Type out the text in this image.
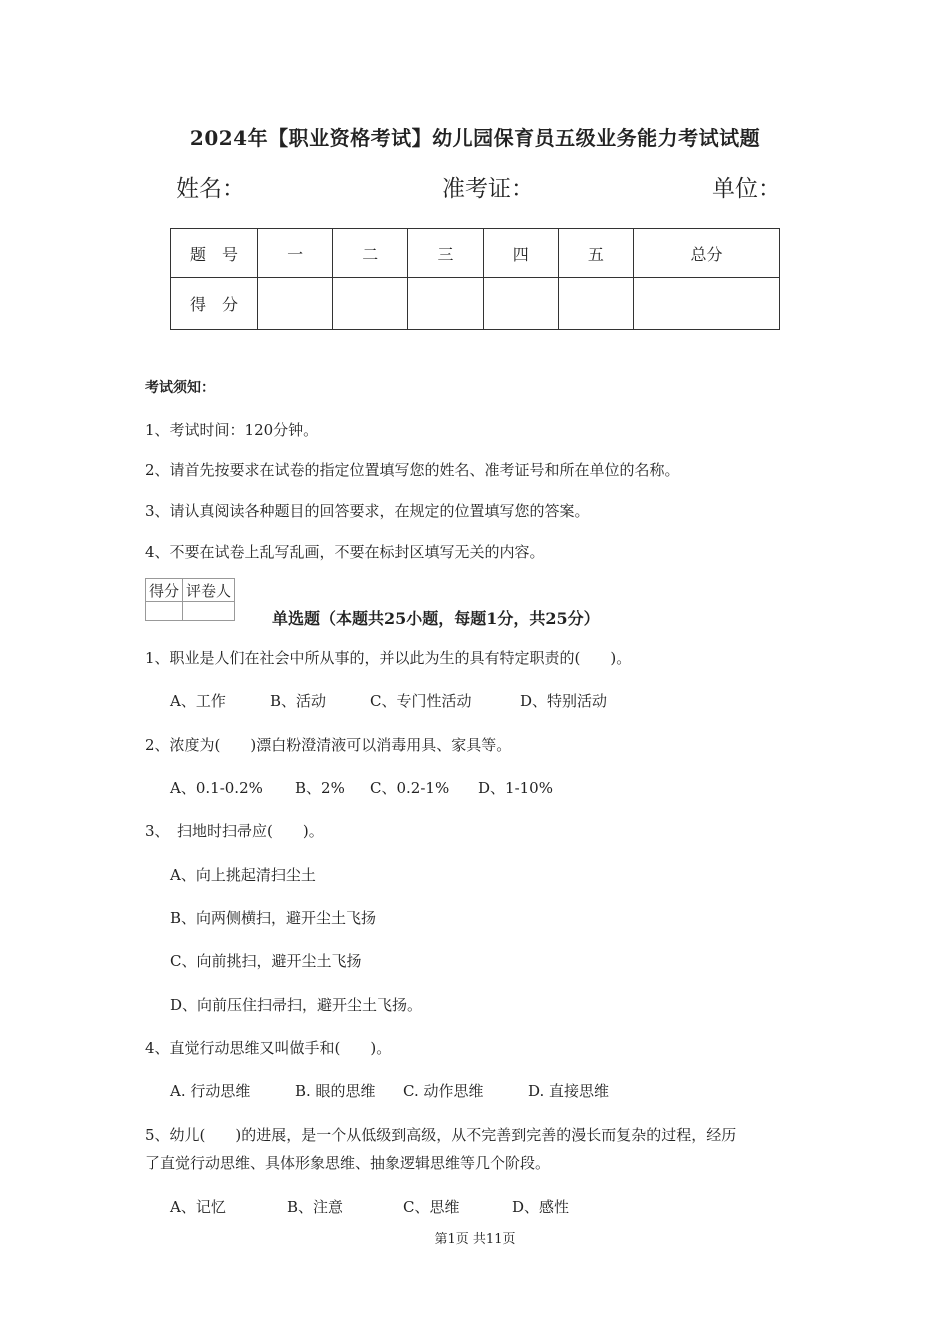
2024年【职业资格考试】幼儿园保育员五级业务能力考试试题
姓名：	准考证：	单位：
题　号	一	二	三	四	五	总分
得　分						
考试须知：
1、考试时间：120分钟。
2、请首先按要求在试卷的指定位置填写您的姓名、准考证号和所在单位的名称。
3、请认真阅读各种题目的回答要求，在规定的位置填写您的答案。
4、不要在试卷上乱写乱画，不要在标封区填写无关的内容。
得分	评卷人

单选题（本题共25小题，每题1分，共25分）
1、职业是人们在社会中所从事的，并以此为生的具有特定职责的(　　)。
A、工作	B、活动	C、专门性活动	D、特别活动
2、浓度为(　　)漂白粉澄清液可以消毒用具、家具等。
A、0.1-0.2% B、2% C、0.2-1% D、1-10%
3、　扫地时扫帚应(　　)。
A、向上挑起清扫尘土
B、向两侧横扫，避开尘土飞扬
C、向前挑扫，避开尘土飞扬
D、向前压住扫帚扫，避开尘土飞扬。
4、直觉行动思维又叫做手和(　　)。
A. 行动思维	B. 眼的思维 C. 动作思维	D. 直接思维
5、幼儿(　　)的进展，是一个从低级到高级，从不完善到完善的漫长而复杂的过程，经历
了直觉行动思维、具体形象思维、抽象逻辑思维等几个阶段。
A、记忆	B、注意	C、思维	D、感性
第1页 共11页
